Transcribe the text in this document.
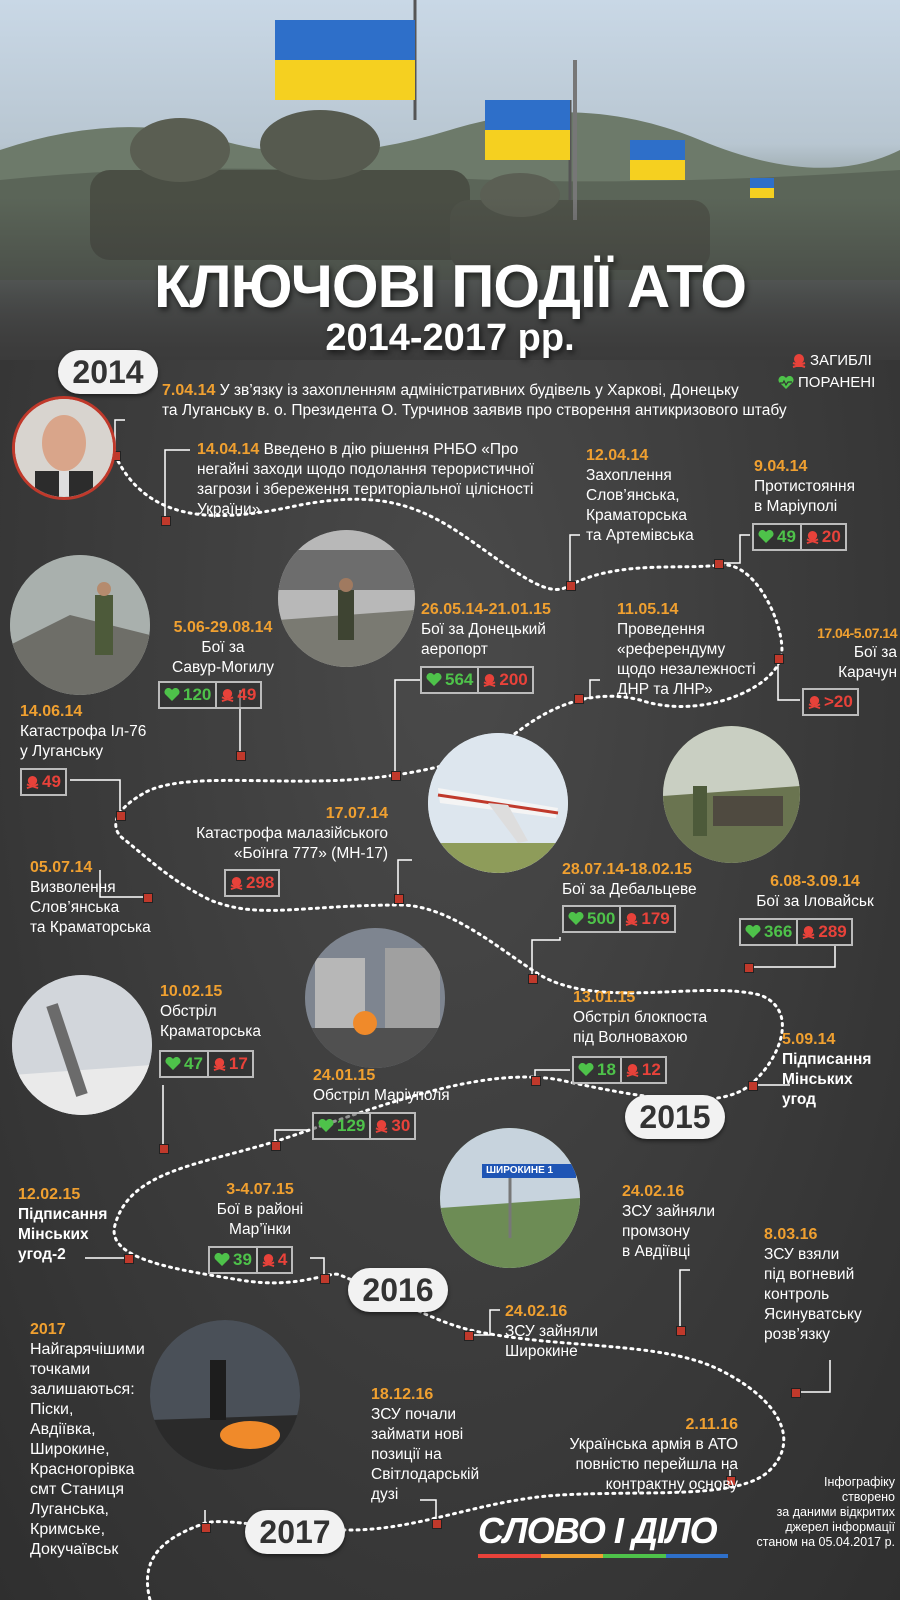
КЛЮЧОВІ ПОДІЇ АТО
2014-2017 рр.
2014
2015
2016
2017
ЗАГИБЛІ
ПОРАНЕНІ
ШИРОКИНЕ 1
7.04.14 У зв’язку із захопленням адміністративних будівель у Харкові, Донецьку
та Луганську в. о. Президента О. Турчинов заявив про створення антикризового штабу
14.04.14 Введено в дію рішення РНБО «Про
негайні заходи щодо подолання терористичної
загрози і збереження територіальної цілісності
України»
12.04.14
Захоплення
Слов’янська,
Краматорська
та Артемівська
9.04.14
Протистояння
в Маріуполі
49 20
5.06-29.08.14
Бої за
Савур-Могилу
120 49
26.05.14-21.01.15
Бої за Донецький
аеропорт
564 200
11.05.14
Проведення
«референдуму
щодо незалежності
ДНР та ЛНР»
17.04-5.07.14
Бої за
Карачун
>20
14.06.14
Катастрофа Іл-76
у Луганську
49
17.07.14
Катастрофа малазійського
«Боїнга 777» (МН-17)
298
05.07.14
Визволення
Слов’янська
та Краматорська
28.07.14-18.02.15
Бої за Дебальцеве
500 179
6.08-3.09.14
Бої за Іловайськ
366 289
10.02.15
Обстріл
Краматорська
47 17
13.01.15
Обстріл блокпоста
під Волновахою
18 12
5.09.14
Підписання
Мінських
угод
24.01.15
Обстріл Маріуполя
129 30
12.02.15
Підписання
Мінських
угод-2
3-4.07.15
Бої в районі
Мар’їнки
39 4
24.02.16
ЗСУ зайняли
промзону
в Авдіївці
8.03.16
ЗСУ взяли
під вогневий
контроль
Ясинуватську
розв’язку
24.02.16
ЗСУ зайняли
Широкине
2017
Найгарячішими
точками
залишаються:
Піски,
Авдіївка,
Широкине,
Красногорівка
смт Станиця
Луганська,
Кримське,
Докучаївськ
18.12.16
ЗСУ почали
займати нові
позиції на
Світлодарській
дузі
2.11.16
Українська армія в АТО
повністю перейшла на
контрактну основу
СЛОВО І ДІЛО
Інфографіку
створено
за даними відкритих
джерел інформації
станом на 05.04.2017 р.
